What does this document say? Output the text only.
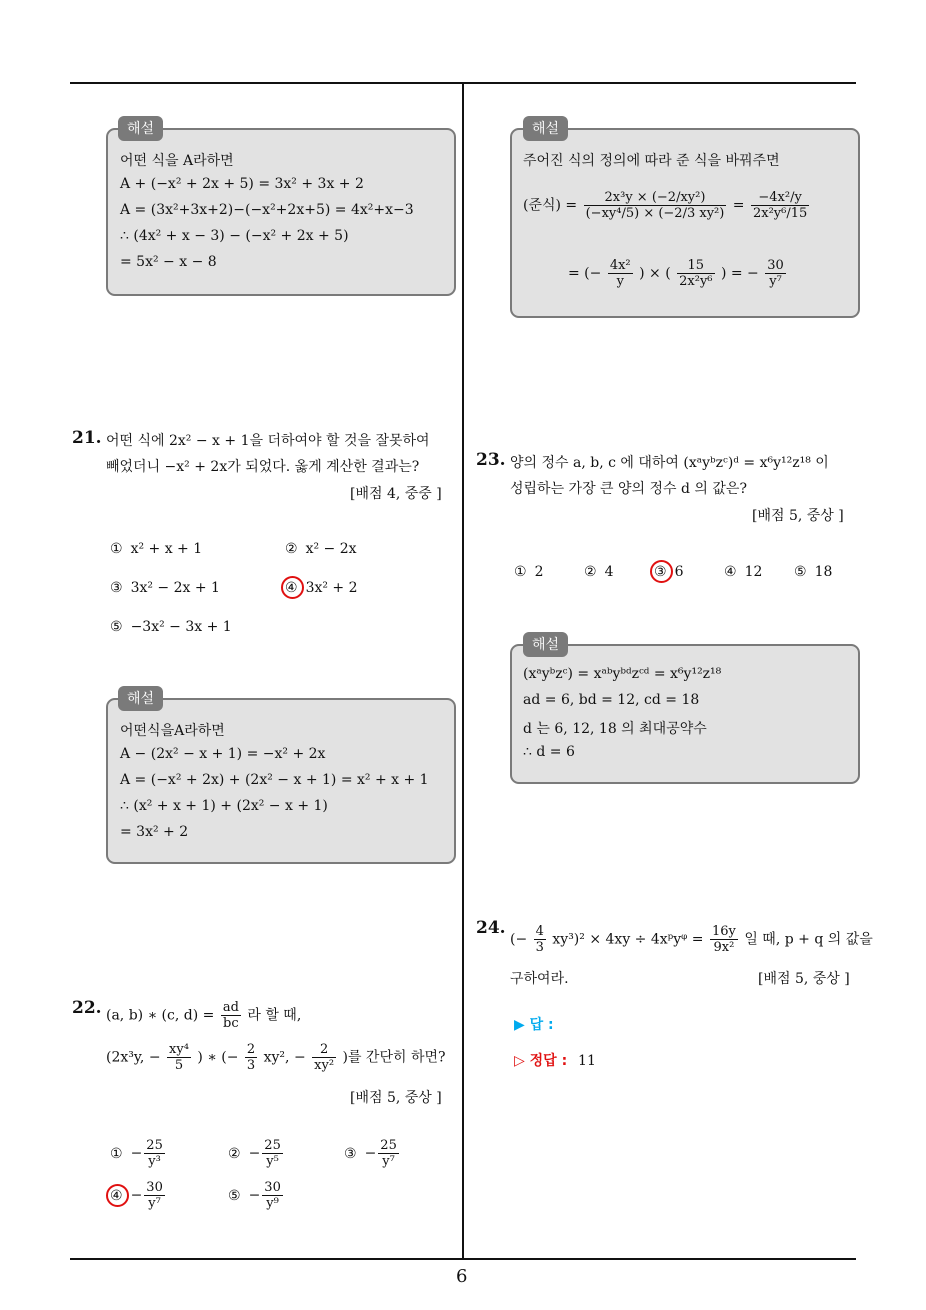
해설
어떤 식을 A라하면
A + (−x² + 2x + 5) = 3x² + 3x + 2
A = (3x²+3x+2)−(−x²+2x+5) = 4x²+x−3
∴ (4x² + x − 3) − (−x² + 2x + 5)
= 5x² − x − 8
21. 어떤 식에 2x² − x + 1을 더하여야 할 것을 잘못하여
빼었더니 −x² + 2x가 되었다. 옳게 계산한 결과는?
[배점 4, 중중 ]
① x² + x + 1	② x² − 2x
③ 3x² − 2x + 1	④ 3x² + 2
⑤ −3x² − 3x + 1
해설
어떤식을A라하면
A − (2x² − x + 1) = −x² + 2x
A = (−x² + 2x) + (2x² − x + 1) = x² + x + 1
∴ (x² + x + 1) + (2x² − x + 1)
= 3x² + 2
22. (a, b) ∗ (c, $d) = \frac{ad}{bc}$ 라 할 때,
(2x³y, − $\frac{\text{xy⁴}}{5}$ ) ∗ (− $\frac{2}{3} xy^2$, − $\frac{2}{\text{xy²}}$ )를 간단히 하면?
[배점 5, 중상 ]
① − $\frac{25}{\text{y³}}$	② − $\frac{25}{\text{y⁵}}$	③ − $\frac{25}{\text{y⁷}}$
④ − $\frac{30}{\text{y⁷}}$	⑤ − $\frac{30}{\text{y⁹}}$
해설
주어진 식의 정의에 따라 준 식을 바꿔주면
(준식) = $\frac{\text{2x³y × (−2/xy²)}}{\text{(−xy⁴/5) × (−2/3 xy²)}} = \frac{\text{−4x²/y}}{\text{2x²y⁶/15}}$
= (− $\frac{\text{4x²}}{y}$ ) × ( $\frac{15}{\text{2x²y⁶}}$ ) = − $\frac{30}{\text{y⁷}}$
23. 양의 정수 a, b, c 에 대하여 (xᵃyᵇzᶜ)ᵈ = x⁶y¹²z¹⁸ 이
성립하는 가장 큰 양의 정수 d 의 값은?
[배점 5, 중상 ]
① 2	② 4	③ 6	④ 12 ⑤ 18
해설
(xᵃyᵇzᶜ) = xᵃᵇyᵇᵈzᶜᵈ = x⁶y¹²z¹⁸
ad = 6, bd = 12, cd = 18
d 는 6, 12, 18 의 최대공약수
∴ d = 6
24.
(− $\frac{4}{3} xy^3)^2 \times 4xy$ ÷ 4xᵖyᵠ = $\frac{16y}{\text{9x²}}$ 일 때, p + q 의 값을
구하여라.	[배점 5, 중상 ]
▶ 답 :
▷ 정답 : 11
6
